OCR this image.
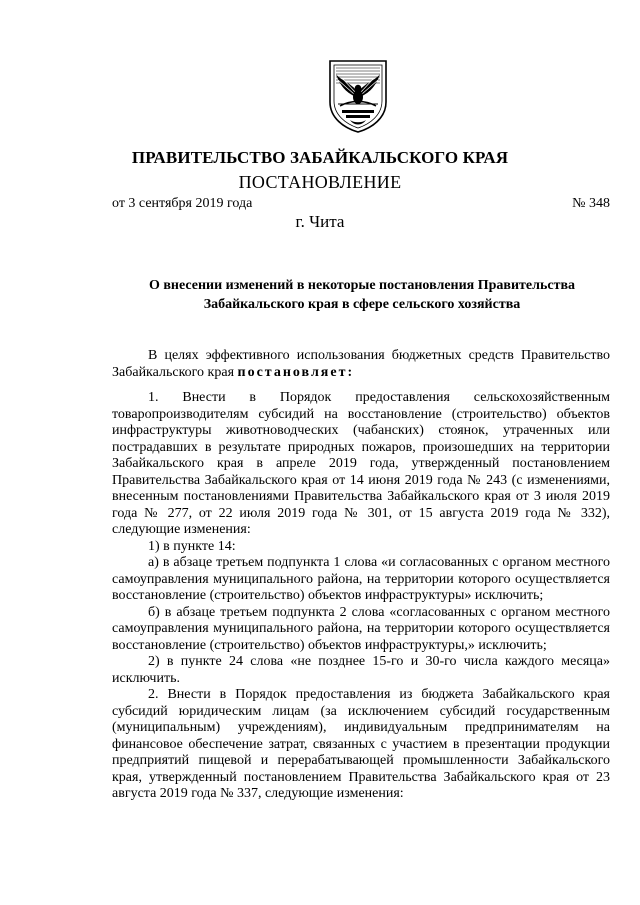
ПРАВИТЕЛЬСТВО ЗАБАЙКАЛЬСКОГО КРАЯ
ПОСТАНОВЛЕНИЕ
от 3 сентября 2019 года	№ 348
г. Чита
О внесении изменений в некоторые постановления Правительства
Забайкальского края в сфере сельского хозяйства

В целях эффективного использования бюджетных средств Правительство Забайкальского края постановляет:

1. Внести в Порядок предоставления сельскохозяйственным товаропроизводителям субсидий на восстановление (строительство) объектов инфраструктуры животноводческих (чабанских) стоянок, утраченных или пострадавших в результате природных пожаров, произошедших на территории Забайкальского края в апреле 2019 года, утвержденный постановлением Правительства Забайкальского края от 14 июня 2019 года № 243 (с изменениями, внесенным постановлениями Правительства Забайкальского края от 3 июля 2019 года № 277, от 22 июля 2019 года № 301, от 15 августа 2019 года № 332), следующие изменения:

1) в пункте 14:

а) в абзаце третьем подпункта 1 слова «и согласованных с органом местного самоуправления муниципального района, на территории которого осуществляется восстановление (строительство) объектов инфраструктуры» исключить;

б) в абзаце третьем подпункта 2 слова «согласованных с органом местного самоуправления муниципального района, на территории которого осуществляется восстановление (строительство) объектов инфраструктуры,» исключить;

2) в пункте 24 слова «не позднее 15-го и 30-го числа каждого месяца» исключить.

2. Внести в Порядок предоставления из бюджета Забайкальского края субсидий юридическим лицам (за исключением субсидий государственным (муниципальным) учреждениям), индивидуальным предпринимателям на финансовое обеспечение затрат, связанных с участием в презентации продукции предприятий пищевой и перерабатывающей промышленности Забайкальского края, утвержденный постановлением Правительства Забайкальского края от 23 августа 2019 года № 337, следующие изменения:
